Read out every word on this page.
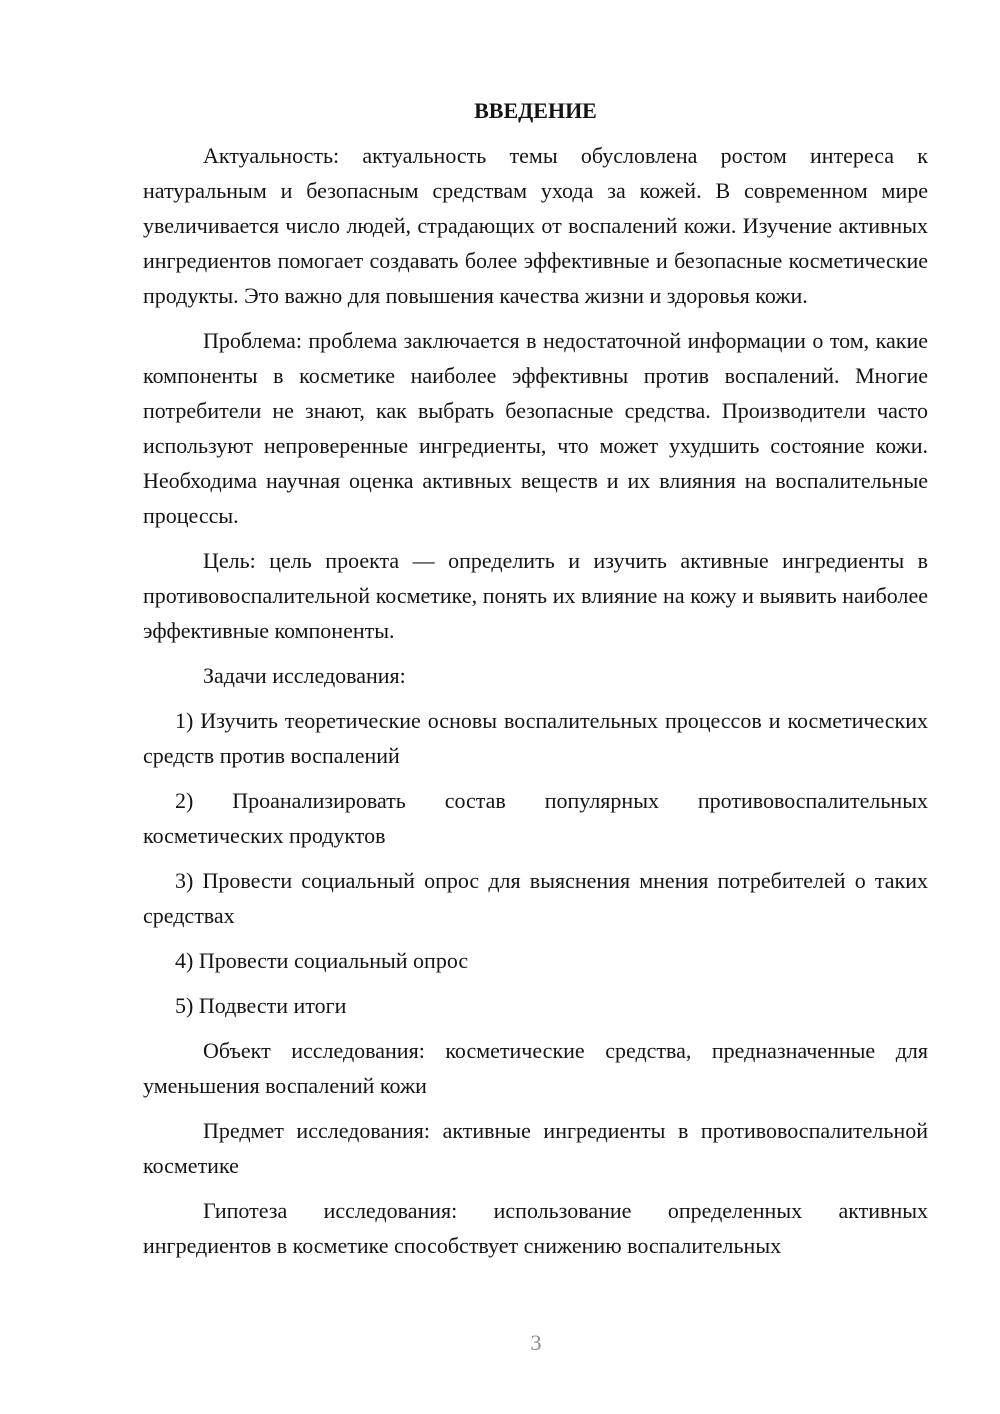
ВВЕДЕНИЕ

Актуальность: актуальность темы обусловлена ростом интереса к натуральным и безопасным средствам ухода за кожей. В современном мире увеличивается число людей, страдающих от воспалений кожи. Изучение активных ингредиентов помогает создавать более эффективные и безопасные косметические продукты. Это важно для повышения качества жизни и здоровья кожи.

Проблема: проблема заключается в недостаточной информации о том, какие компоненты в косметике наиболее эффективны против воспалений. Многие потребители не знают, как выбрать безопасные средства. Производители часто используют непроверенные ингредиенты, что может ухудшить состояние кожи. Необходима научная оценка активных веществ и их влияния на воспалительные процессы.

Цель: цель проекта — определить и изучить активные ингредиенты в противовоспалительной косметике, понять их влияние на кожу и выявить наиболее эффективные компоненты.

Задачи исследования:

1) Изучить теоретические основы воспалительных процессов и косметических средств против воспалений

2) Проанализировать состав популярных противовоспалительных косметических продуктов

3) Провести социальный опрос для выяснения мнения потребителей о таких средствах

4) Провести социальный опрос

5) Подвести итоги

Объект исследования: косметические средства, предназначенные для уменьшения воспалений кожи

Предмет исследования: активные ингредиенты в противовоспалительной косметике

Гипотеза исследования: использование определенных активных ингредиентов в косметике способствует снижению воспалительных

3
